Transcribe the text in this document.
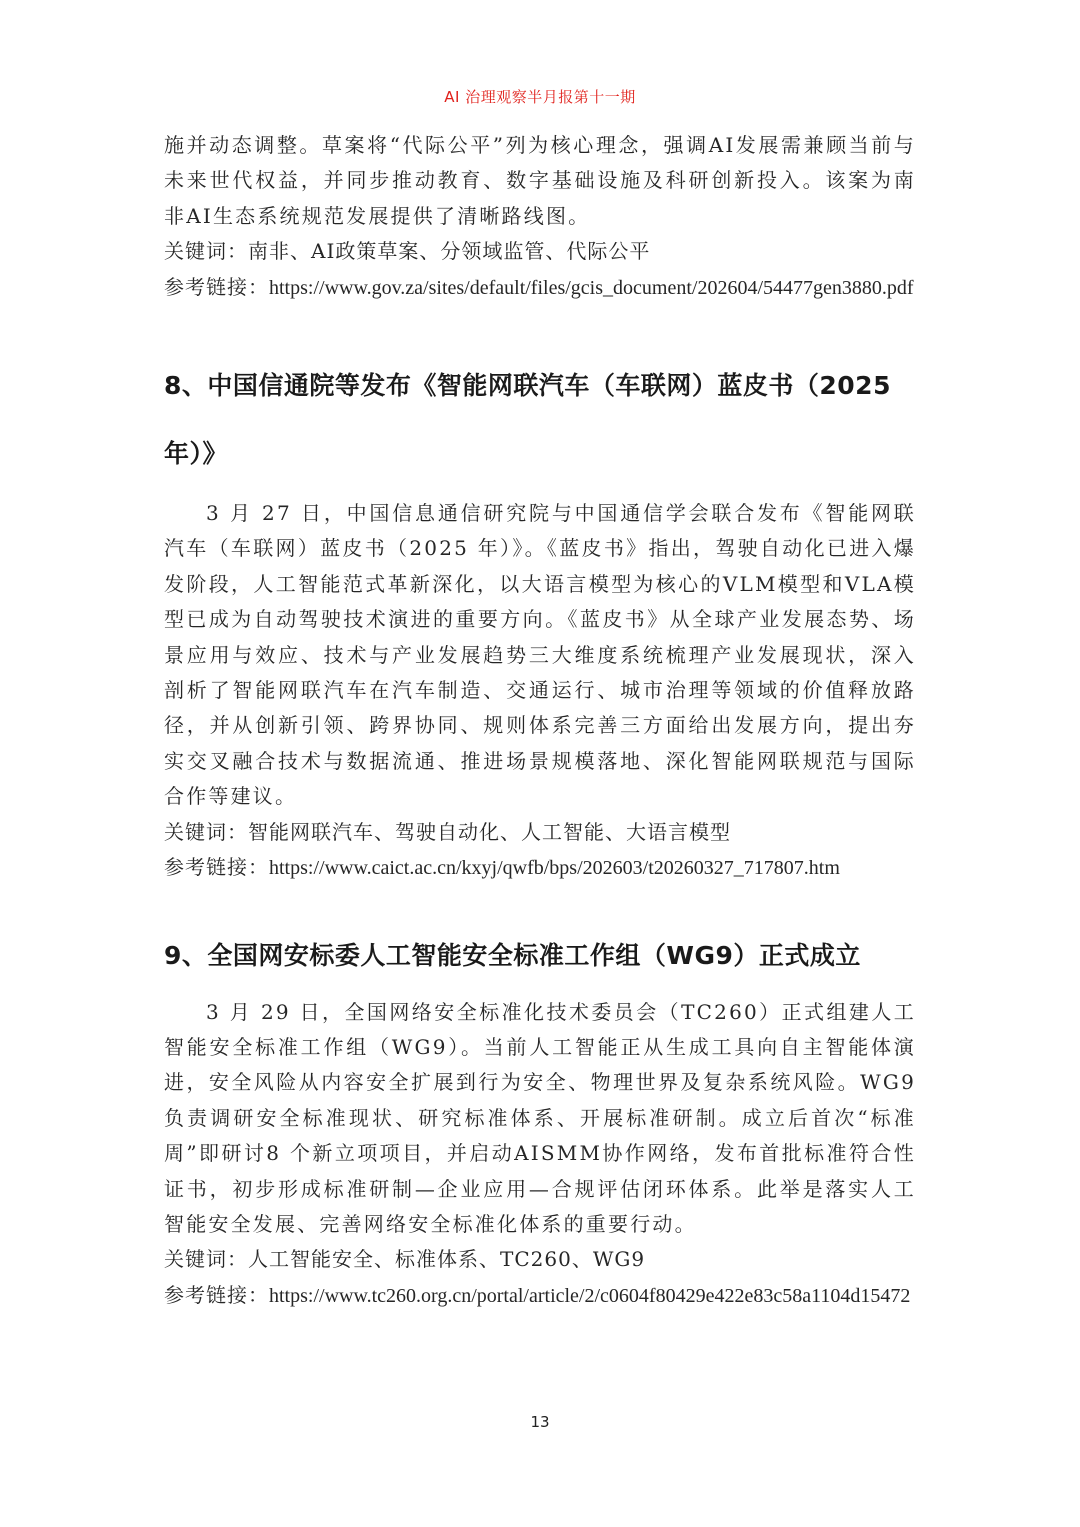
AI 治理观察半月报第十一期

施并动态调整。草案将“代际公平”列为核心理念，强调AI发展需兼顾当前与未来世代权益，并同步推动教育、数字基础设施及科研创新投入。该案为南非AI生态系统规范发展提供了清晰路线图。

关键词：南非、AI政策草案、分领域监管、代际公平

参考链接：https://www.gov.za/sites/default/files/gcis_document/202604/54477gen3880.pdf

8、中国信通院等发布《智能网联汽车（车联网）蓝皮书（2025年）》

3 月 27 日，中国信息通信研究院与中国通信学会联合发布《智能网联汽车（车联网）蓝皮书（2025 年）》。《蓝皮书》指出，驾驶自动化已进入爆发阶段，人工智能范式革新深化，以大语言模型为核心的VLM模型和VLA模型已成为自动驾驶技术演进的重要方向。《蓝皮书》从全球产业发展态势、场景应用与效应、技术与产业发展趋势三大维度系统梳理产业发展现状，深入剖析了智能网联汽车在汽车制造、交通运行、城市治理等领域的价值释放路径，并从创新引领、跨界协同、规则体系完善三方面给出发展方向，提出夯实交叉融合技术与数据流通、推进场景规模落地、深化智能网联规范与国际合作等建议。

关键词：智能网联汽车、驾驶自动化、人工智能、大语言模型

参考链接：https://www.caict.ac.cn/kxyj/qwfb/bps/202603/t20260327_717807.htm

9、全国网安标委人工智能安全标准工作组（WG9）正式成立

3 月 29 日，全国网络安全标准化技术委员会（TC260）正式组建人工智能安全标准工作组（WG9）。当前人工智能正从生成工具向自主智能体演进，安全风险从内容安全扩展到行为安全、物理世界及复杂系统风险。WG9 负责调研安全标准现状、研究标准体系、开展标准研制。成立后首次“标准周”即研讨8 个新立项项目，并启动AISMM协作网络，发布首批标准符合性证书，初步形成标准研制—企业应用—合规评估闭环体系。此举是落实人工智能安全发展、完善网络安全标准化体系的重要行动。

关键词：人工智能安全、标准体系、TC260、WG9

参考链接：https://www.tc260.org.cn/portal/article/2/c0604f80429e422e83c58a1104d15472

13
